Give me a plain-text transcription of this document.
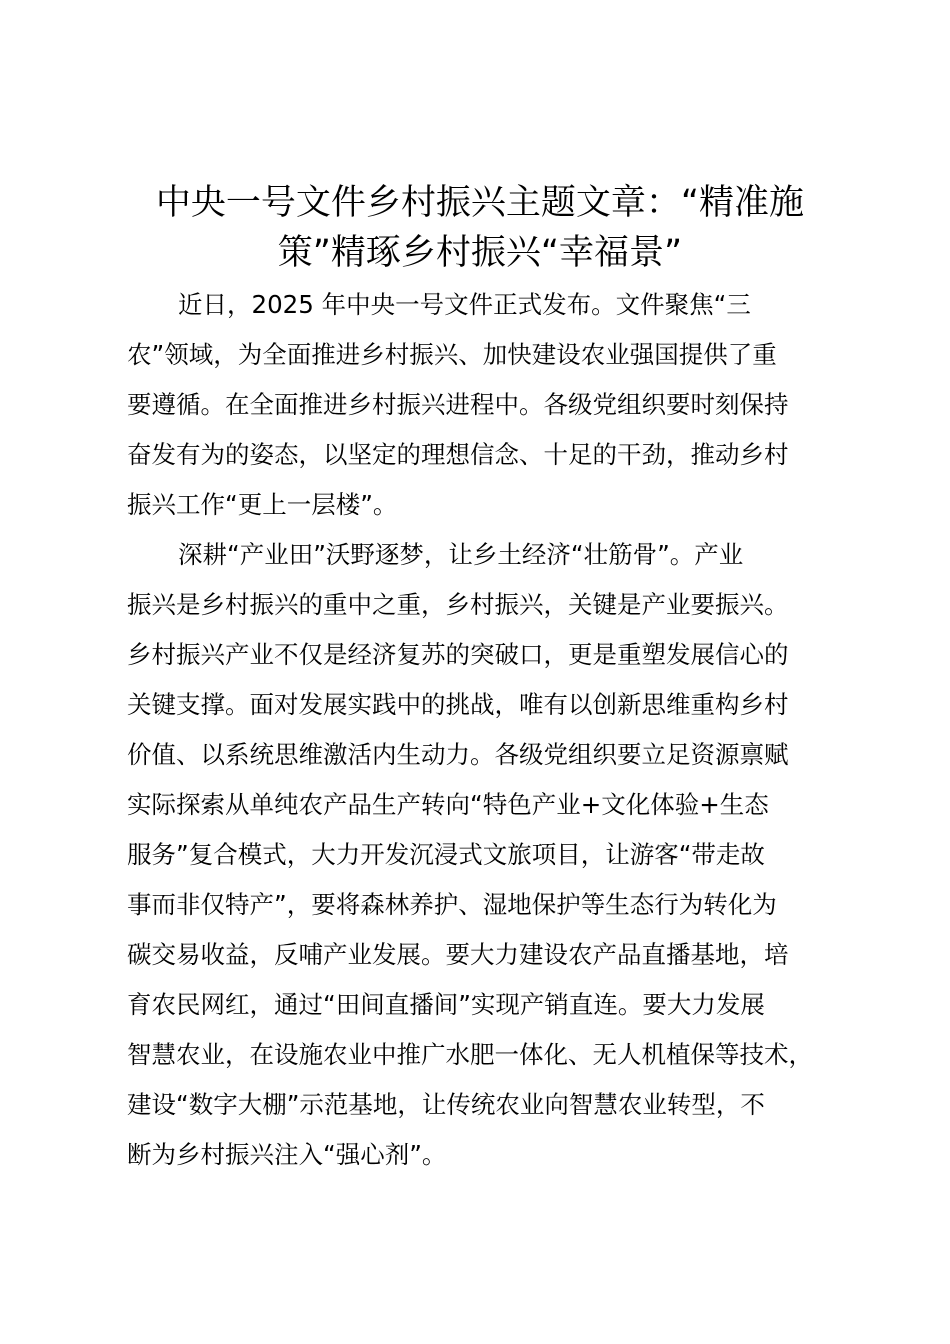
中央一号文件乡村振兴主题文章：“精准施
策”精琢乡村振兴“幸福景”

近日，2025 年中央一号文件正式发布。文件聚焦“三
农”领域，为全面推进乡村振兴、加快建设农业强国提供了重
要遵循。在全面推进乡村振兴进程中。各级党组织要时刻保持
奋发有为的姿态，以坚定的理想信念、十足的干劲，推动乡村
振兴工作“更上一层楼”。

深耕“产业田”沃野逐梦，让乡土经济“壮筋骨”。产业
振兴是乡村振兴的重中之重，乡村振兴，关键是产业要振兴。
乡村振兴产业不仅是经济复苏的突破口，更是重塑发展信心的
关键支撑。面对发展实践中的挑战，唯有以创新思维重构乡村
价值、以系统思维激活内生动力。各级党组织要立足资源禀赋
实际探索从单纯农产品生产转向“特色产业+文化体验+生态
服务”复合模式，大力开发沉浸式文旅项目，让游客“带走故
事而非仅特产”，要将森林养护、湿地保护等生态行为转化为
碳交易收益，反哺产业发展。要大力建设农产品直播基地，培
育农民网红，通过“田间直播间”实现产销直连。要大力发展
智慧农业，在设施农业中推广水肥一体化、无人机植保等技术，
建设“数字大棚”示范基地，让传统农业向智慧农业转型，不
断为乡村振兴注入“强心剂”。
